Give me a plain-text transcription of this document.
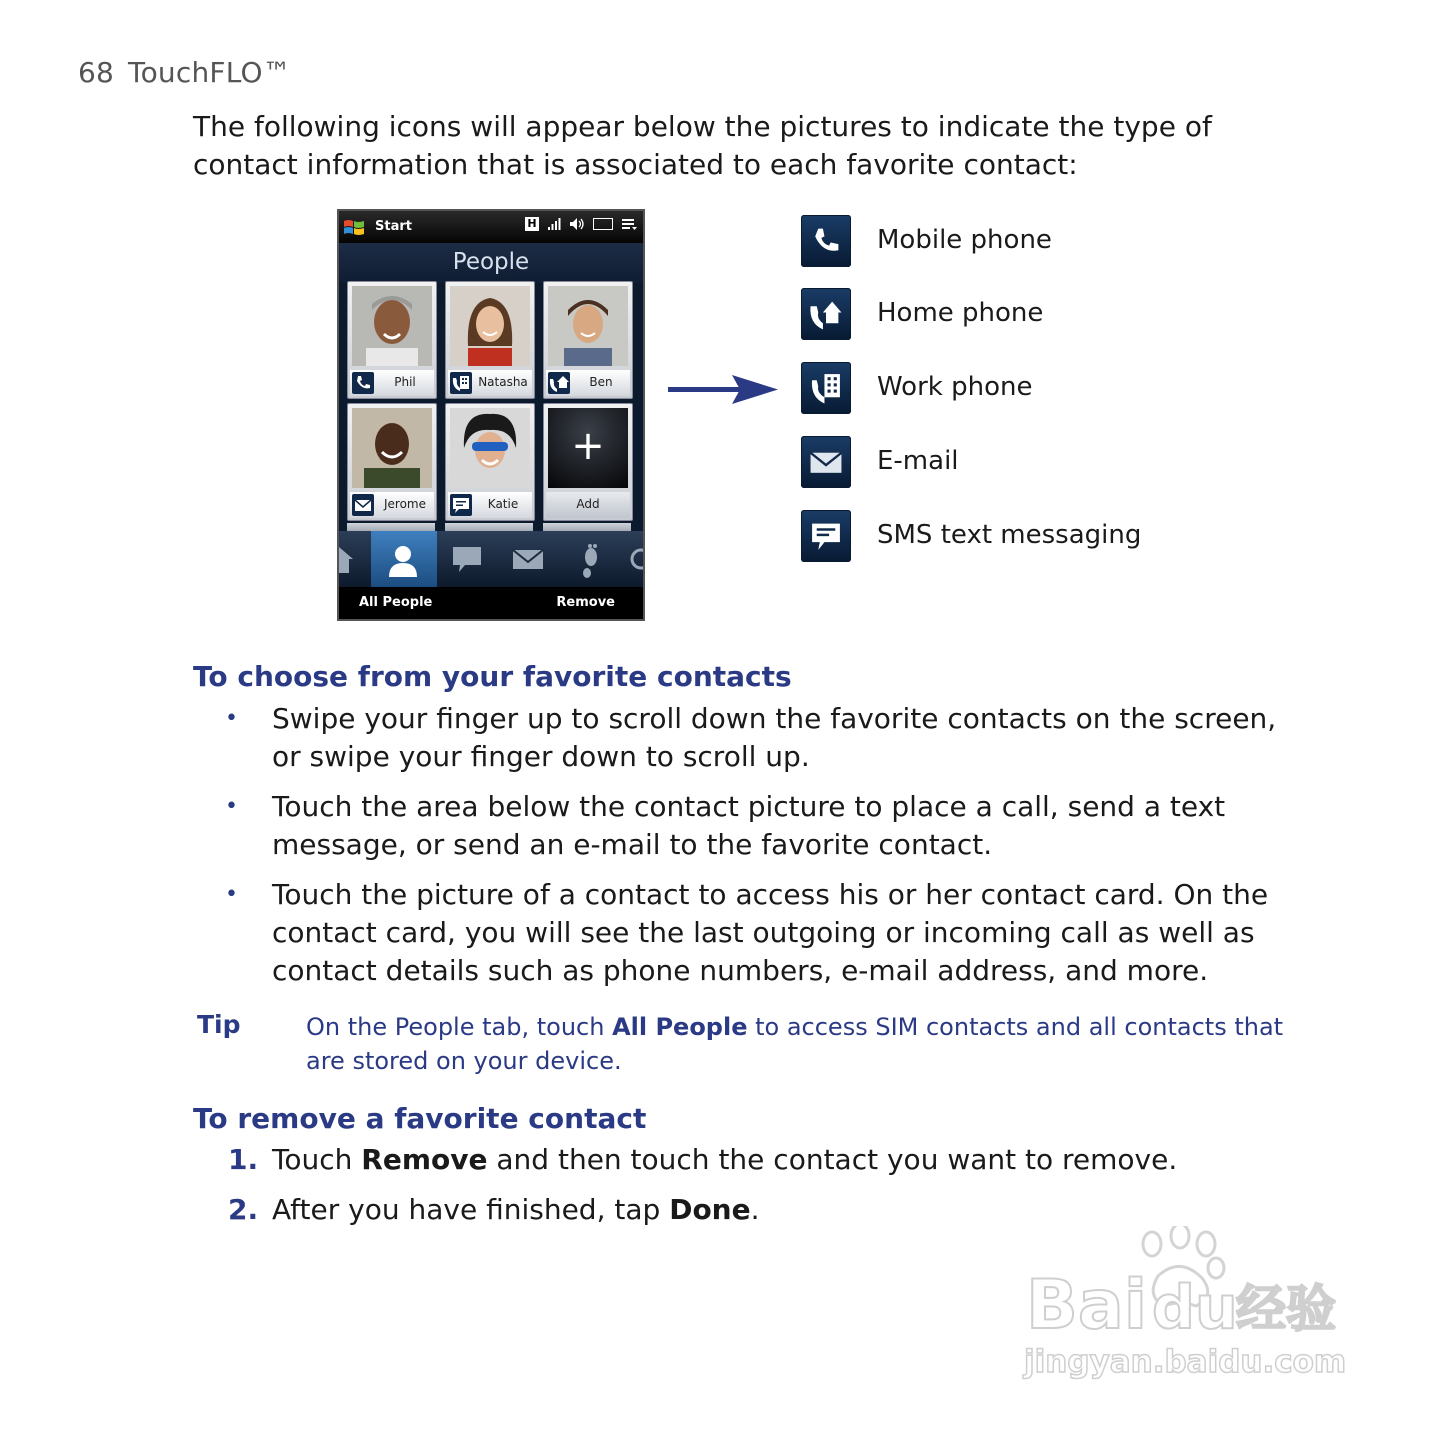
68 TouchFLO™
The following icons will appear below the pictures to indicate the type of contact information that is associated to each favorite contact:
Start	H
People
Phil	Natasha	Ben
Jerome	Katie
+
Add
All People	Remove
Mobile phone
Home phone
Work phone
E-mail
SMS text messaging
To choose from your favorite contacts
• Swipe your finger up to scroll down the favorite contacts on the screen, or swipe your finger down to scroll up.
• Touch the area below the contact picture to place a call, send a text message, or send an e-mail to the favorite contact.
• Touch the picture of a contact to access his or her contact card. On the contact card, you will see the last outgoing or incoming call as well as contact details such as phone numbers, e-mail address, and more.
Tip	On the People tab, touch All People to access SIM contacts and all contacts that are stored on your device.
To remove a favorite contact
1. Touch Remove and then touch the contact you want to remove.
2. After you have finished, tap Done.
Bai du
经验
jingyan.baidu.com
